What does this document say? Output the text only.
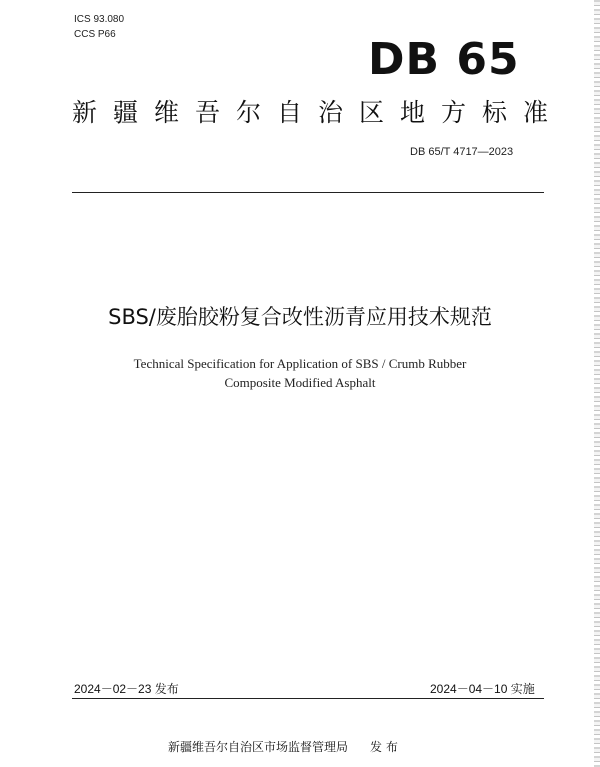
ICS 93.080
CCS P66	DB 65
新疆维吾尔自治区地方标准
DB 65/T 4717—2023
SBS/废胎胶粉复合改性沥青应用技术规范
Technical Specification for Application of SBS / Crumb Rubber
Composite Modified Asphalt
2024－02－23 发布	2024－04－10 实施
新疆维吾尔自治区市场监督管理局 发 布
